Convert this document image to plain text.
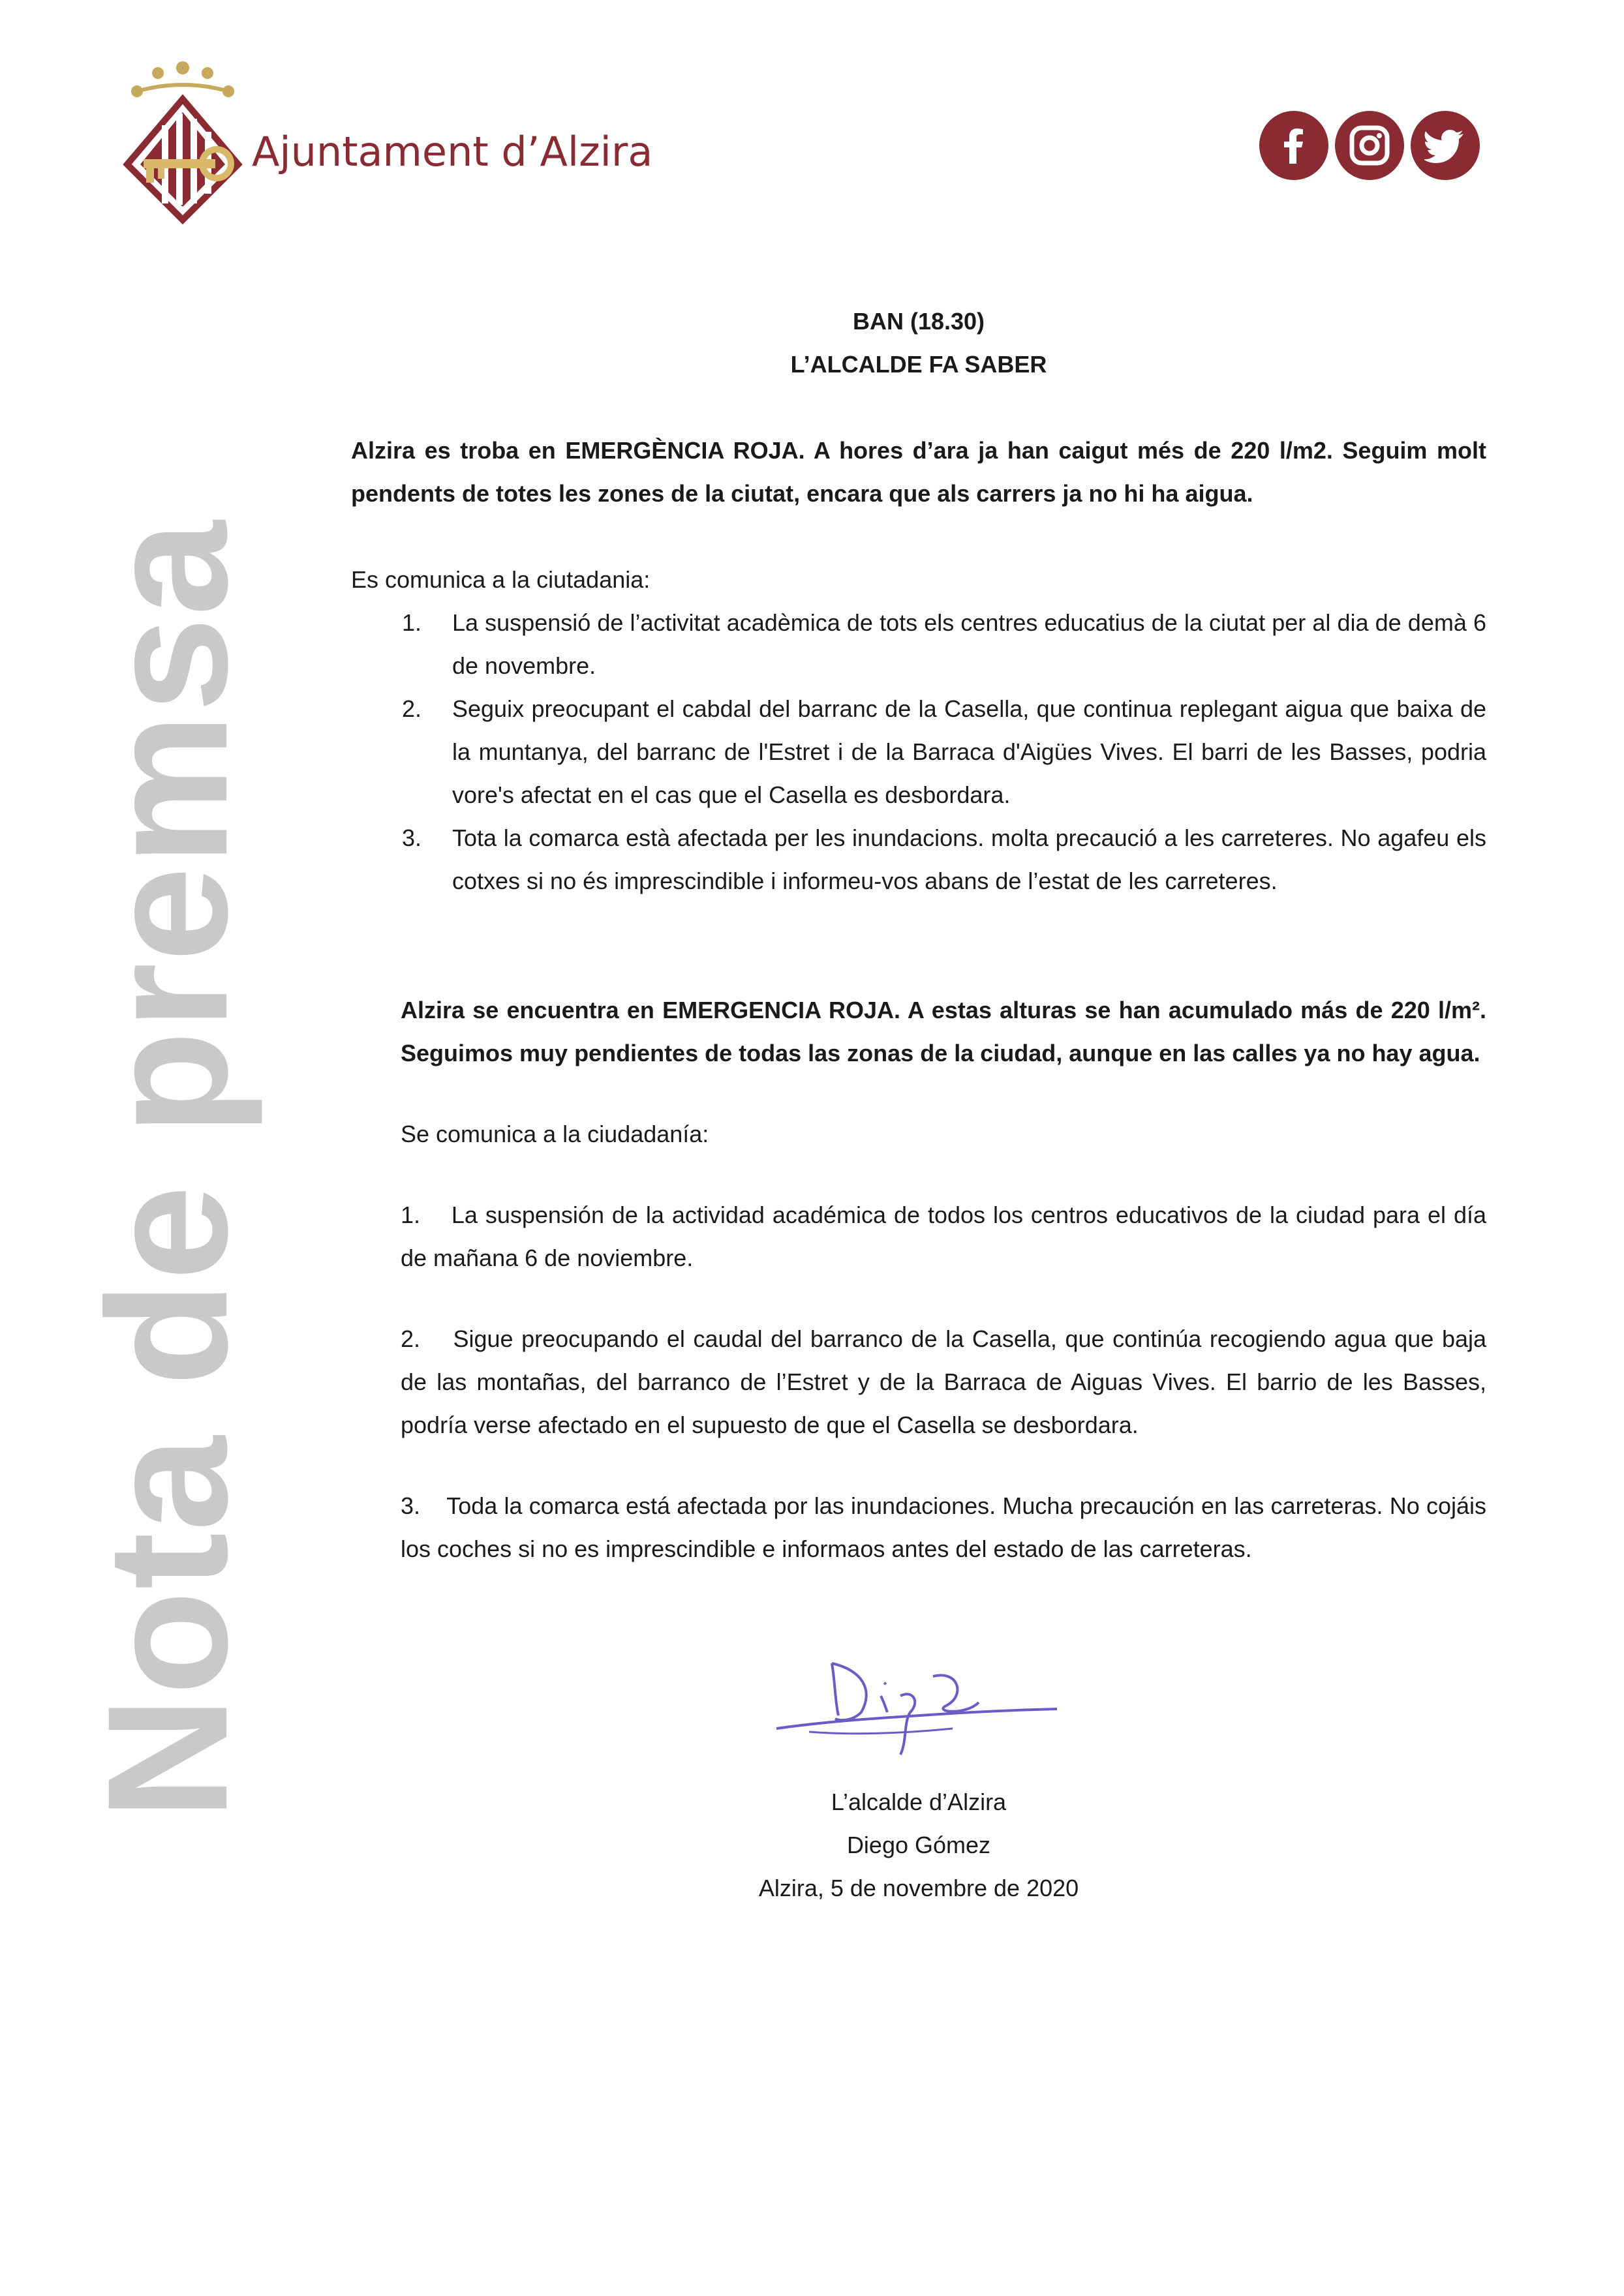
Ajuntament d’Alzira
Nota de premsa

BAN (18.30)

L’ALCALDE FA SABER

Alzira es troba en EMERGÈNCIA ROJA. A hores d’ara ja han caigut més de 220 l/m2. Seguim molt pendents de totes les zones de la ciutat, encara que als carrers ja no hi ha aigua.

Es comunica a la ciutadania:

1. La suspensió de l’activitat acadèmica de tots els centres educatius de la ciutat per al dia de demà 6 de novembre.
2. Seguix preocupant el cabdal del barranc de la Casella, que continua replegant aigua que baixa de la muntanya, del barranc de l'Estret i de la Barraca d'Aigües Vives. El barri de les Basses, podria vore's afectat en el cas que el Casella es desbordara.
3. Tota la comarca està afectada per les inundacions. molta precaució a les carreteres. No agafeu els cotxes si no és imprescindible i informeu-vos abans de l’estat de les carreteres.

Alzira se encuentra en EMERGENCIA ROJA. A estas alturas se han acumulado más de 220 l/m². Seguimos muy pendientes de todas las zonas de la ciudad, aunque en las calles ya no hay agua.

Se comunica a la ciudadanía:

1. La suspensión de la actividad académica de todos los centros educativos de la ciudad para el día de mañana 6 de noviembre.

2. Sigue preocupando el caudal del barranco de la Casella, que continúa recogiendo agua que baja de las montañas, del barranco de l’Estret y de la Barraca de Aiguas Vives. El barrio de les Basses, podría verse afectado en el supuesto de que el Casella se desbordara.

3. Toda la comarca está afectada por las inundaciones. Mucha precaución en las carreteras. No cojáis los coches si no es imprescindible e informaos antes del estado de las carreteras.

L’alcalde d’Alzira

Diego Gómez

Alzira, 5 de novembre de 2020
